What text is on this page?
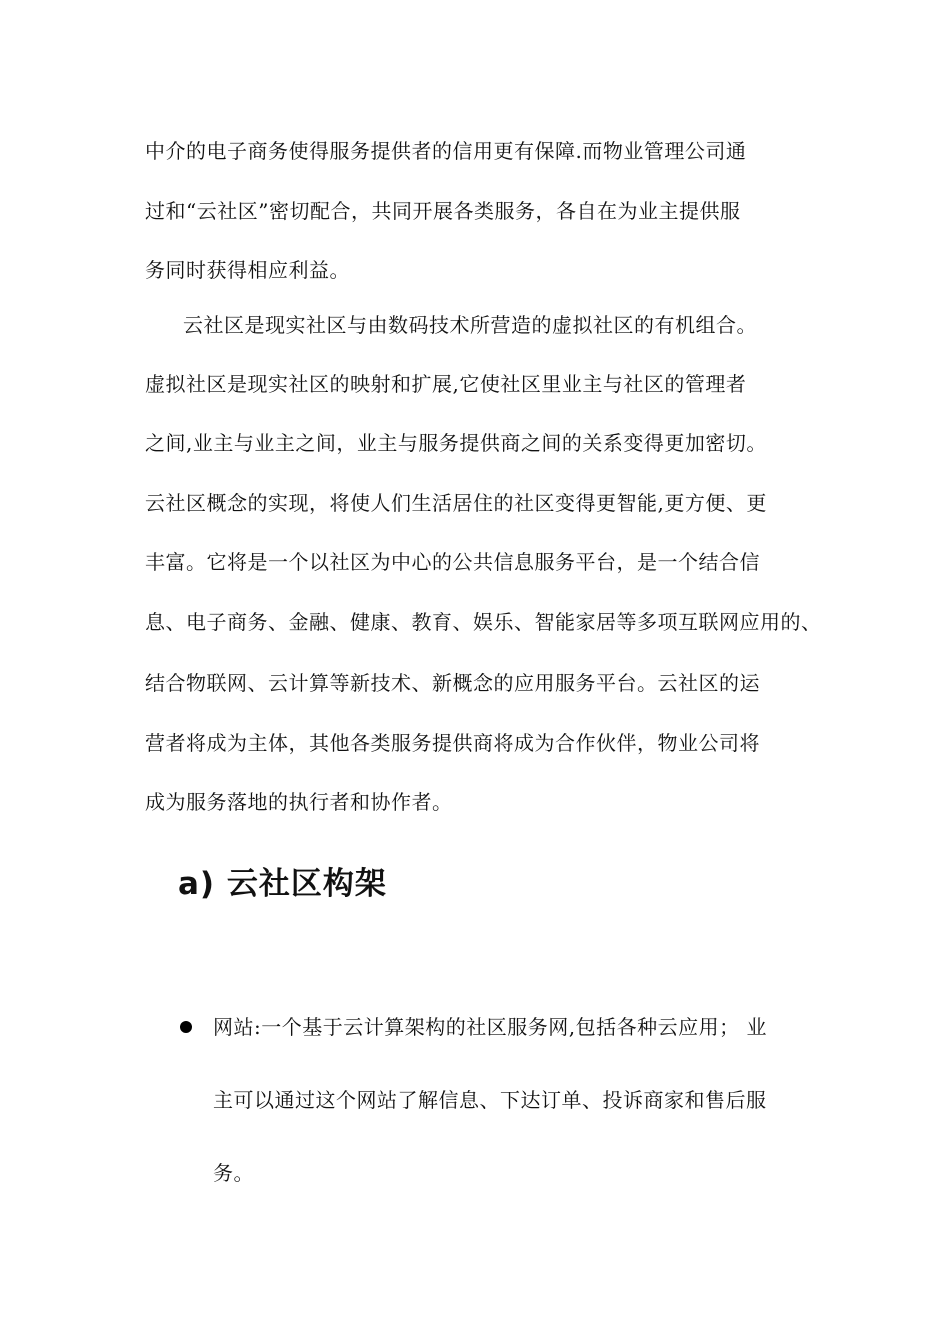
中介的电子商务使得服务提供者的信用更有保障.而物业管理公司通
过和“云社区”密切配合，共同开展各类服务，各自在为业主提供服
务同时获得相应利益。
云社区是现实社区与由数码技术所营造的虚拟社区的有机组合。
虚拟社区是现实社区的映射和扩展,它使社区里业主与社区的管理者
之间,业主与业主之间，业主与服务提供商之间的关系变得更加密切。
云社区概念的实现，将使人们生活居住的社区变得更智能,更方便、更
丰富。它将是一个以社区为中心的公共信息服务平台，是一个结合信
息、电子商务、金融、健康、教育、娱乐、智能家居等多项互联网应用的、
结合物联网、云计算等新技术、新概念的应用服务平台。云社区的运
营者将成为主体，其他各类服务提供商将成为合作伙伴，物业公司将
成为服务落地的执行者和协作者。
a) 云社区构架
网站:一个基于云计算架构的社区服务网,包括各种云应用； 业
主可以通过这个网站了解信息、下达订单、投诉商家和售后服
务。
